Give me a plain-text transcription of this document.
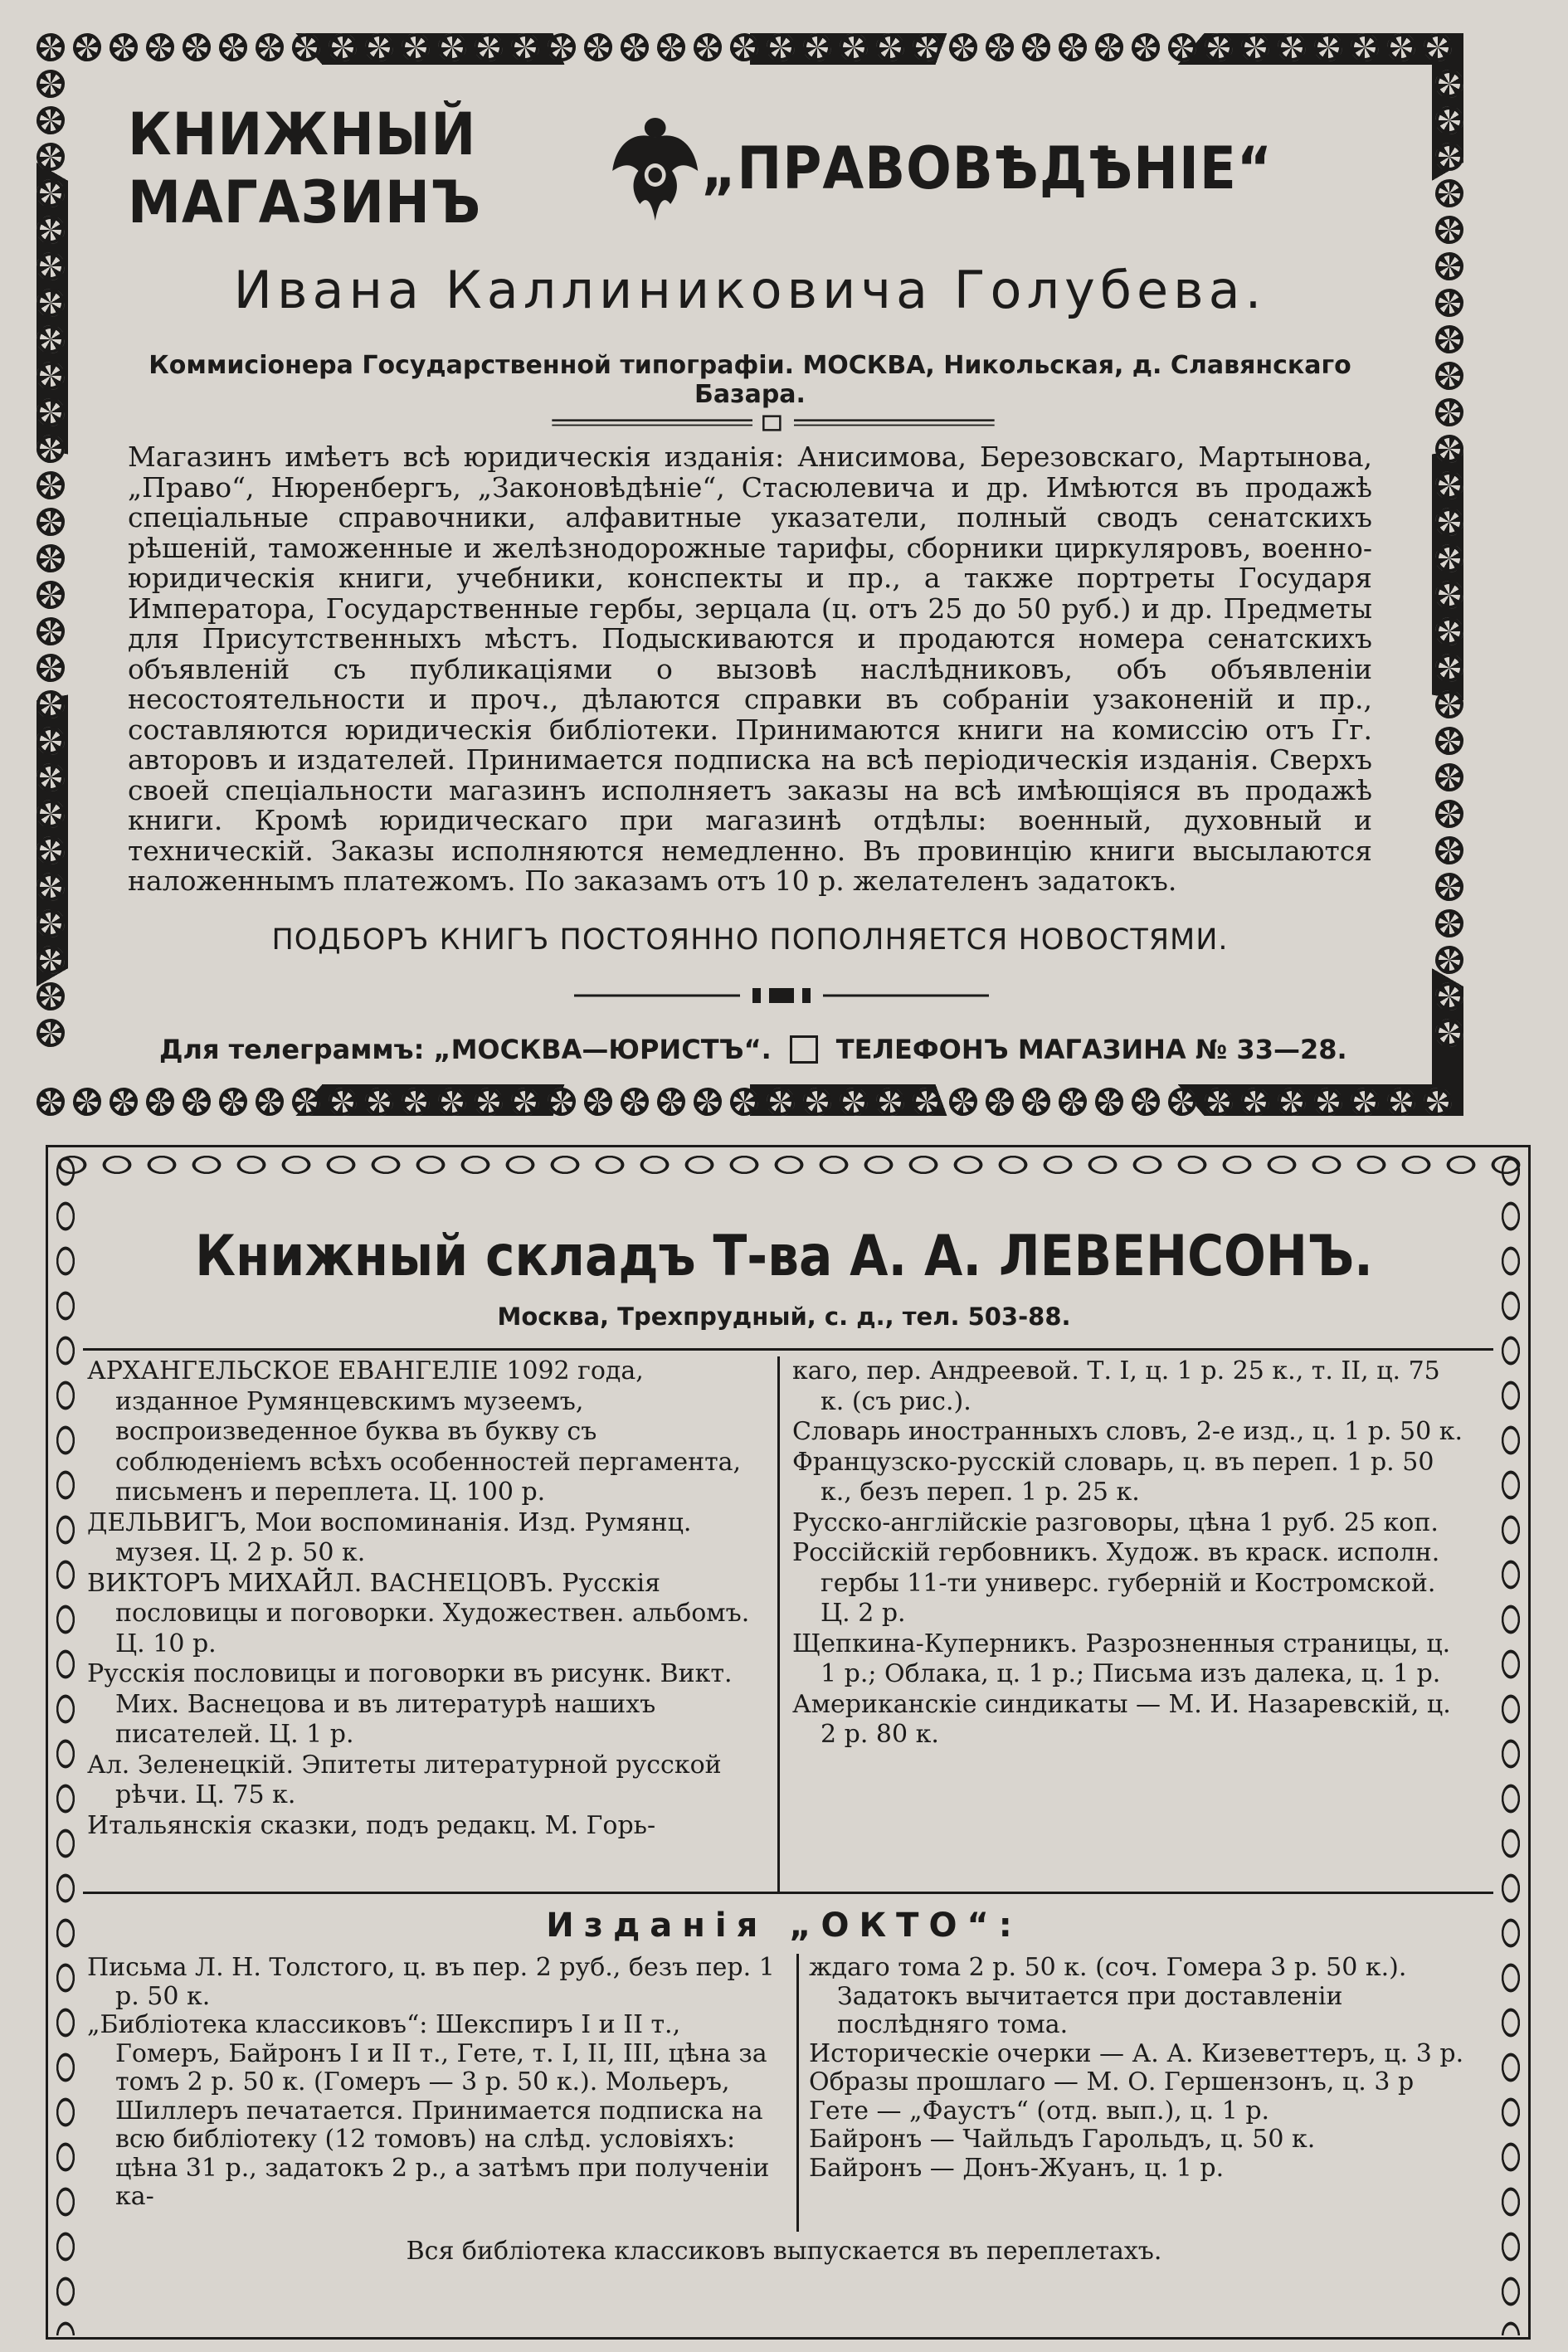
КНИЖНЫЙ МАГАЗИНЪ	„ПРАВОВѢДѢНІЕ“
Ивана Каллиниковича Голубева.
Коммисіонера Государственной типографіи. МОСКВА, Никольская, д. Славянскаго Базара.

Магазинъ имѣетъ всѣ юридическія изданія: Анисимова, Березовскаго, Мартынова, „Право“, Нюренбергъ, „Законовѣдѣніе“, Стасюлевича и др. Имѣются въ продажѣ спеціальные справочники, алфавитные указатели, полный сводъ сенатскихъ рѣшеній, таможенные и желѣзнодорожные тарифы, сборники циркуляровъ, военно-юридическія книги, учебники, конспекты и пр., а также портреты Государя Императора, Государственные гербы, зерцала (ц. отъ 25 до 50 руб.) и др. Предметы для Присутственныхъ мѣстъ. Подыскиваются и продаются номера сенатскихъ объявленій съ публикаціями о вызовѣ наслѣдниковъ, объ объявленіи несостоятельности и проч., дѣлаются справки въ собраніи узаконеній и пр., составляются юридическія библіотеки. Принимаются книги на комиссію отъ Гг. авторовъ и издателей. Принимается подписка на всѣ періодическія изданія. Сверхъ своей спеціальности магазинъ исполняетъ заказы на всѣ имѣющіяся въ продажѣ книги. Кромѣ юридическаго при магазинѣ отдѣлы: военный, духовный и техническій. Заказы исполняются немедленно. Въ провинцію книги высылаются наложеннымъ платежомъ. По заказамъ отъ 10 р. желателенъ задатокъ.

ПОДБОРЪ КНИГЪ ПОСТОЯННО ПОПОЛНЯЕТСЯ НОВОСТЯМИ.
Для телеграммъ: „МОСКВА—ЮРИСТЪ“. ТЕЛЕФОНЪ МАГАЗИНА № 33—28.
Книжный складъ Т-ва А. А. ЛЕВЕНСОНЪ.
Москва, Трехпрудный, с. д., тел. 503-88.

АРХАНГЕЛЬСКОЕ ЕВАНГЕЛІЕ 1092 года, изданное Румянцевскимъ музеемъ, воспроизведенное буква въ букву съ соблюденіемъ всѣхъ особенностей пергамента, письменъ и переплета. Ц. 100 р.

ДЕЛЬВИГЪ, Мои воспоминанія. Изд. Румянц. музея. Ц. 2 р. 50 к.

ВИКТОРЪ МИХАЙЛ. ВАСНЕЦОВЪ. Русскія пословицы и поговорки. Художествен. альбомъ. Ц. 10 р.

Русскія пословицы и поговорки въ рисунк. Викт. Мих. Васнецова и въ литературѣ нашихъ писателей. Ц. 1 р.

Ал. Зеленецкій. Эпитеты литературной русской рѣчи. Ц. 75 к.

Итальянскія сказки, подъ редакц. М. Горь-

каго, пер. Андреевой. Т. I, ц. 1 р. 25 к., т. II, ц. 75 к. (съ рис.).

Словарь иностранныхъ словъ, 2-е изд., ц. 1 р. 50 к.

Французско-русскій словарь, ц. въ переп. 1 р. 50 к., безъ переп. 1 р. 25 к.

Русско-англійскіе разговоры, цѣна 1 руб. 25 коп.

Россійскій гербовникъ. Худож. въ краск. исполн. гербы 11-ти универс. губерній и Костромской. Ц. 2 р.

Щепкина-Куперникъ. Разрозненныя страницы, ц. 1 р.; Облака, ц. 1 р.; Письма изъ далека, ц. 1 р.

Американскіе синдикаты — М. И. Назаревскій, ц. 2 р. 80 к.

Изданія „ОКТО“:

Письма Л. Н. Толстого, ц. въ пер. 2 руб., безъ пер. 1 р. 50 к.

„Библіотека классиковъ“: Шекспиръ I и II т., Гомеръ, Байронъ I и II т., Гете, т. I, II, III, цѣна за томъ 2 р. 50 к. (Гомеръ — 3 р. 50 к.). Мольеръ, Шиллеръ печатается. Принимается подписка на всю библіотеку (12 томовъ) на слѣд. условіяхъ: цѣна 31 р., задатокъ 2 р., а затѣмъ при полученіи ка-

ждаго тома 2 р. 50 к. (соч. Гомера 3 р. 50 к.). Задатокъ вычитается при доставленіи послѣдняго тома.

Историческіе очерки — А. А. Кизеветтеръ, ц. 3 р.

Образы прошлаго — М. О. Гершензонъ, ц. 3 р

Гете — „Фаустъ“ (отд. вып.), ц. 1 р.

Байронъ — Чайльдъ Гарольдъ, ц. 50 к.

Байронъ — Донъ-Жуанъ, ц. 1 р.

Вся библіотека классиковъ выпускается въ переплетахъ.
